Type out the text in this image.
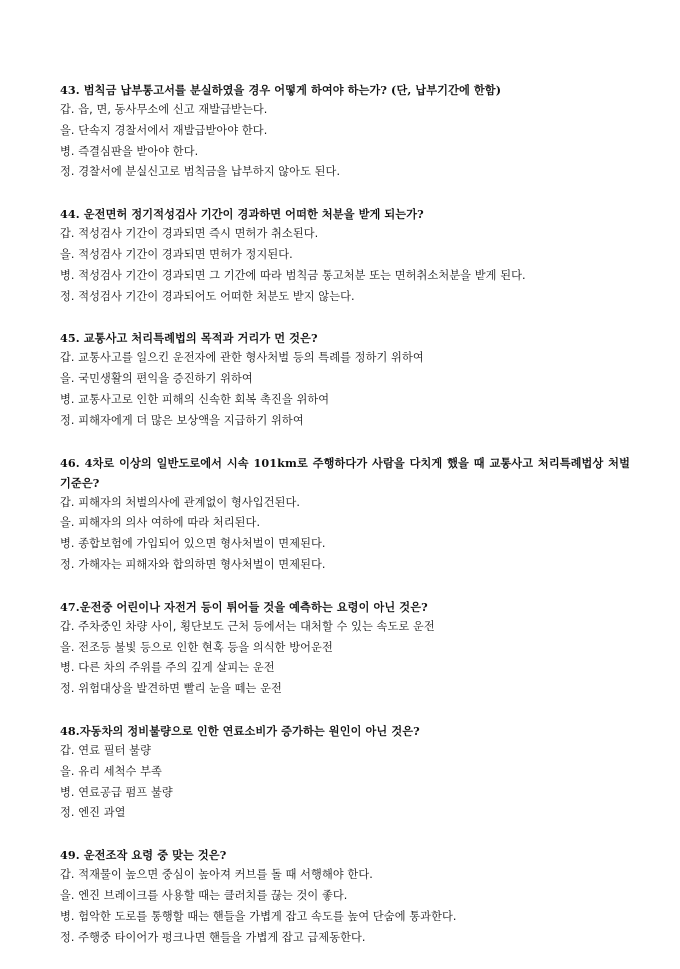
43. 범칙금 납부통고서를 분실하였을 경우 어떻게 하여야 하는가? (단, 납부기간에 한함)

갑. 읍, 면, 동사무소에 신고 재발급받는다.

을. 단속지 경찰서에서 재발급받아야 한다.

병. 즉결심판을 받아야 한다.

정. 경찰서에 분실신고로 범칙금을 납부하지 않아도 된다.

44. 운전면허 정기적성검사 기간이 경과하면 어떠한 처분을 받게 되는가?

갑. 적성검사 기간이 경과되면 즉시 면허가 취소된다.

을. 적성검사 기간이 경과되면 면허가 정지된다.

병. 적성검사 기간이 경과되면 그 기간에 따라 범칙금 통고처분 또는 면허취소처분을 받게 된다.

정. 적성검사 기간이 경과되어도 어떠한 처분도 받지 않는다.

45. 교통사고 처리특례법의 목적과 거리가 먼 것은?

갑. 교통사고를 일으킨 운전자에 관한 형사처벌 등의 특례를 정하기 위하여

을. 국민생활의 편익을 증진하기 위하여

병. 교통사고로 인한 피해의 신속한 회복 촉진을 위하여

정. 피해자에게 더 많은 보상액을 지급하기 위하여

46. 4차로 이상의 일반도로에서 시속 101km로 주행하다가 사람을 다치게 했을 때 교통사고 처리특례법상 처벌 기준은?

갑. 피해자의 처벌의사에 관계없이 형사입건된다.

을. 피해자의 의사 여하에 따라 처리된다.

병. 종합보험에 가입되어 있으면 형사처벌이 면제된다.

정. 가해자는 피해자와 합의하면 형사처벌이 면제된다.

47.운전중 어린이나 자전거 등이 튀어들 것을 예측하는 요령이 아닌 것은?

갑. 주차중인 차량 사이, 횡단보도 근처 등에서는 대처할 수 있는 속도로 운전

을. 전조등 불빛 등으로 인한 현혹 등을 의식한 방어운전

병. 다른 차의 주위를 주의 깊게 살피는 운전

정. 위험대상을 발견하면 빨리 눈을 떼는 운전

48.자동차의 정비불량으로 인한 연료소비가 증가하는 원인이 아닌 것은?

갑. 연료 필터 불량

을. 유리 세척수 부족

병. 연료공급 펌프 불량

정. 엔진 과열

49. 운전조작 요령 중 맞는 것은?

갑. 적재물이 높으면 중심이 높아져 커브를 돌 때 서행해야 한다.

을. 엔진 브레이크를 사용할 때는 클러치를 끊는 것이 좋다.

병. 험악한 도로를 통행할 때는 핸들을 가볍게 잡고 속도를 높여 단숨에 통과한다.

정. 주행중 타이어가 펑크나면 핸들을 가볍게 잡고 급제동한다.
